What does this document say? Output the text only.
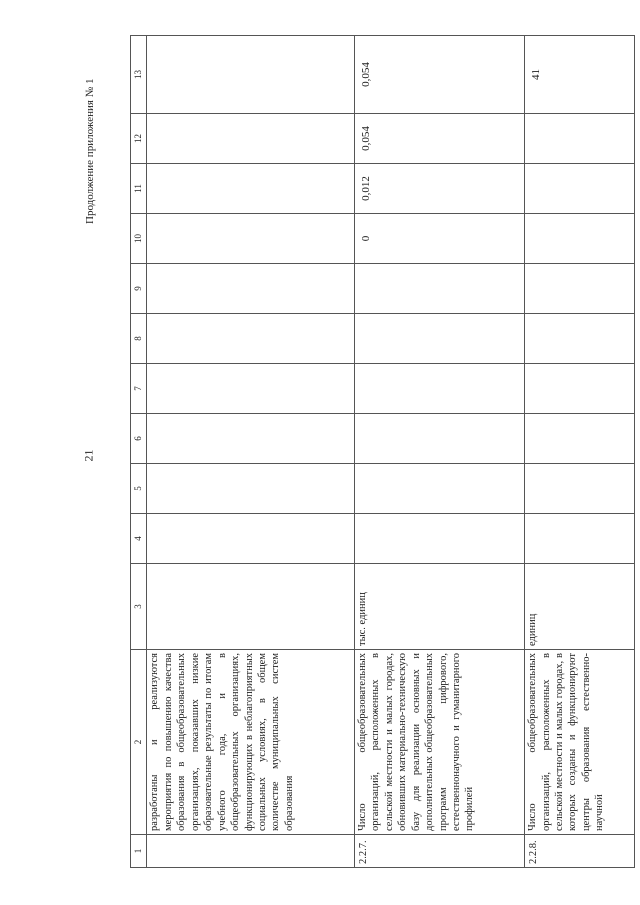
21
Продолжение приложения № 1
1	2	3	4	5	6	7	8	9	10	11	12	13
	разработаны и реализуются мероприятия по повышению качества образования в общеобразовательных организациях, показавших низкие образовательные результаты по итогам учебного года, и в общеобразовательных организациях, функционирующих в неблагоприятных социальных условиях, в общем количестве муниципальных систем образования											
2.2.7.	Число общеобразовательных организаций, расположенных в сельской местности и малых городах, обновивших материально-техническую базу для реализации основных и дополнительных общеобразовательных программ цифрового, естественнонаучного и гуманитарного профилей	тыс. единиц							0	0,012	0,054	0,054
2.2.8.	Число общеобразовательных организаций, расположенных в сельской местности и малых городах, в которых созданы и функционируют центры образования естественно-научной	единиц										41
